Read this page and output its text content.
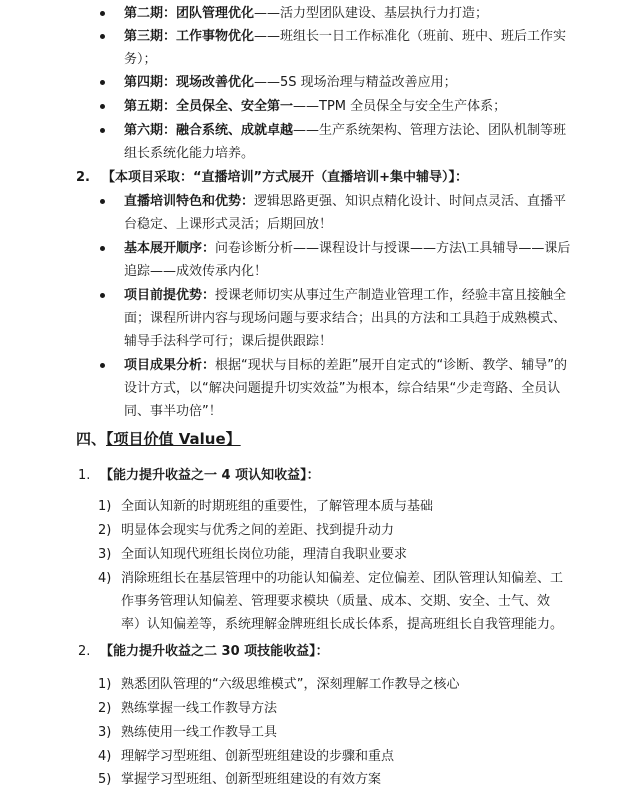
第二期：团队管理优化——活力型团队建设、基层执行力打造；
第三期：工作事物优化——班组长一日工作标准化（班前、班中、班后工作实务）；
第四期：现场改善优化——5S 现场治理与精益改善应用；
第五期：全员保全、安全第一——TPM 全员保全与安全生产体系；
第六期：融合系统、成就卓越——生产系统架构、管理方法论、团队机制等班组长系统化能力培养。
2. 【本项目采取：“直播培训”方式展开（直播培训+集中辅导）】：
直播培训特色和优势：逻辑思路更强、知识点精化设计、时间点灵活、直播平台稳定、上课形式灵活；后期回放！
基本展开顺序：问卷诊断分析——课程设计与授课——方法\工具辅导——课后追踪——成效传承内化！
项目前提优势：授课老师切实从事过生产制造业管理工作，经验丰富且接触全面；课程所讲内容与现场问题与要求结合；出具的方法和工具趋于成熟模式、辅导手法科学可行；课后提供跟踪！
项目成果分析：根据“现状与目标的差距”展开自定式的“诊断、教学、辅导”的设计方式，以“解决问题提升切实效益”为根本，综合结果“少走弯路、全员认同、事半功倍”！
四、【项目价值 Value】
1. 【能力提升收益之一 4 项认知收益】：
1) 全面认知新的时期班组的重要性，了解管理本质与基础
2) 明显体会现实与优秀之间的差距、找到提升动力
3) 全面认知现代班组长岗位功能，理清自我职业要求
4) 消除班组长在基层管理中的功能认知偏差、定位偏差、团队管理认知偏差、工作事务管理认知偏差、管理要求模块（质量、成本、交期、安全、士气、效率）认知偏差等，系统理解金牌班组长成长体系，提高班组长自我管理能力。
2. 【能力提升收益之二 30 项技能收益】：
1) 熟悉团队管理的“六级思维模式”，深刻理解工作教导之核心
2) 熟练掌握一线工作教导方法
3) 熟练使用一线工作教导工具
4) 理解学习型班组、创新型班组建设的步骤和重点
5) 掌握学习型班组、创新型班组建设的有效方案
